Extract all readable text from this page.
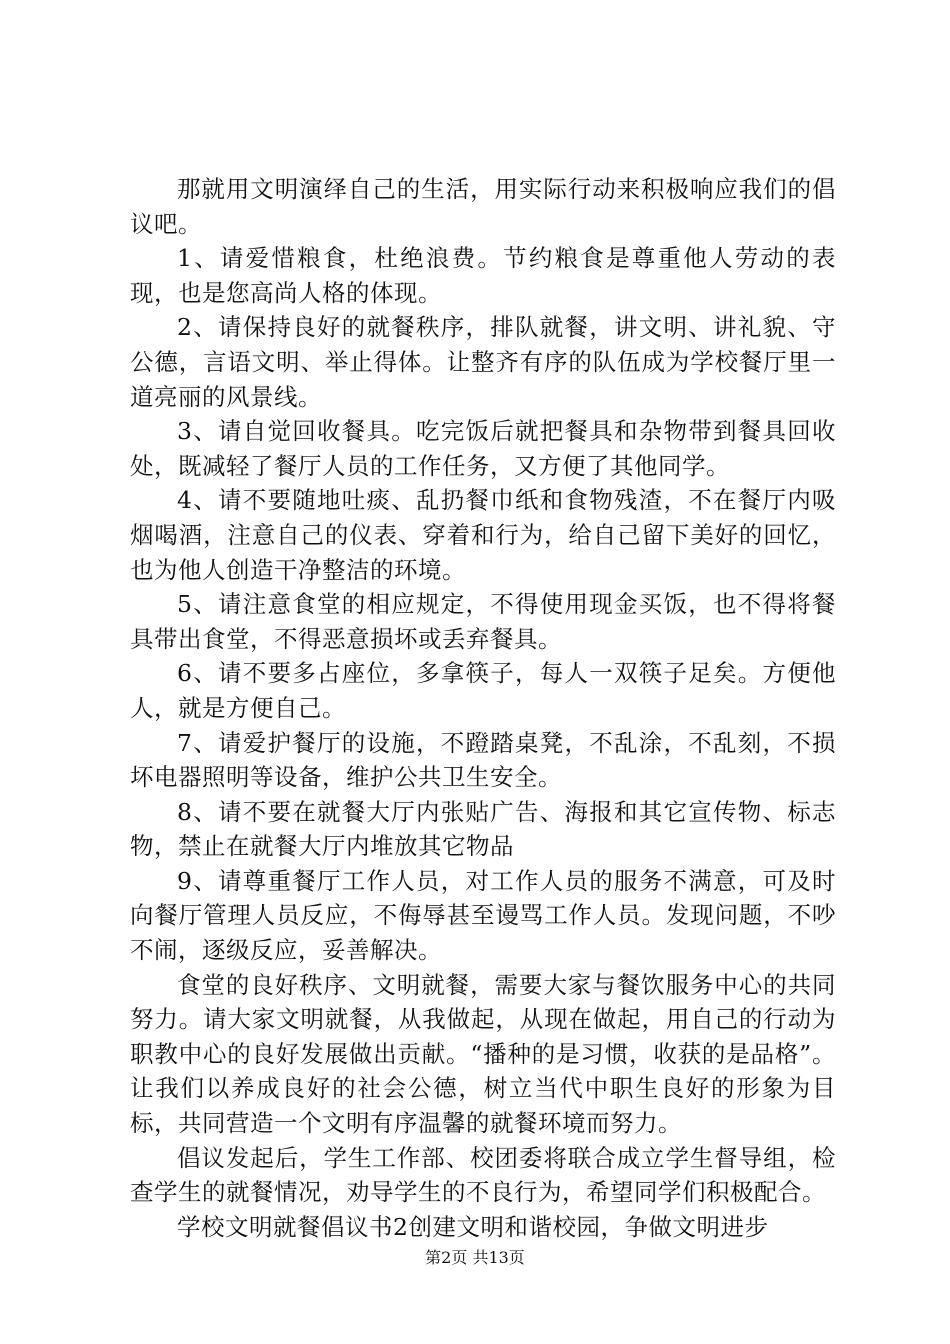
那就用文明演绎自己的生活，用实际行动来积极响应我们的倡议吧。

1、请爱惜粮食，杜绝浪费。节约粮食是尊重他人劳动的表现，也是您高尚人格的体现。

2、请保持良好的就餐秩序，排队就餐，讲文明、讲礼貌、守公德，言语文明、举止得体。让整齐有序的队伍成为学校餐厅里一道亮丽的风景线。

3、请自觉回收餐具。吃完饭后就把餐具和杂物带到餐具回收处，既减轻了餐厅人员的工作任务，又方便了其他同学。

4、请不要随地吐痰、乱扔餐巾纸和食物残渣，不在餐厅内吸烟喝酒，注意自己的仪表、穿着和行为，给自己留下美好的回忆，也为他人创造干净整洁的环境。

5、请注意食堂的相应规定，不得使用现金买饭，也不得将餐具带出食堂，不得恶意损坏或丢弃餐具。

6、请不要多占座位，多拿筷子，每人一双筷子足矣。方便他人，就是方便自己。

7、请爱护餐厅的设施，不蹬踏桌凳，不乱涂，不乱刻，不损坏电器照明等设备，维护公共卫生安全。

8、请不要在就餐大厅内张贴广告、海报和其它宣传物、标志物，禁止在就餐大厅内堆放其它物品

9、请尊重餐厅工作人员，对工作人员的服务不满意，可及时向餐厅管理人员反应，不侮辱甚至谩骂工作人员。发现问题，不吵不闹，逐级反应，妥善解决。

食堂的良好秩序、文明就餐，需要大家与餐饮服务中心的共同努力。请大家文明就餐，从我做起，从现在做起，用自己的行动为职教中心的良好发展做出贡献。“播种的是习惯，收获的是品格”。让我们以养成良好的社会公德，树立当代中职生良好的形象为目标，共同营造一个文明有序温馨的就餐环境而努力。

倡议发起后，学生工作部、校团委将联合成立学生督导组，检查学生的就餐情况，劝导学生的不良行为，希望同学们积极配合。

学校文明就餐倡议书2创建文明和谐校园，争做文明进步

第2页 共13页
